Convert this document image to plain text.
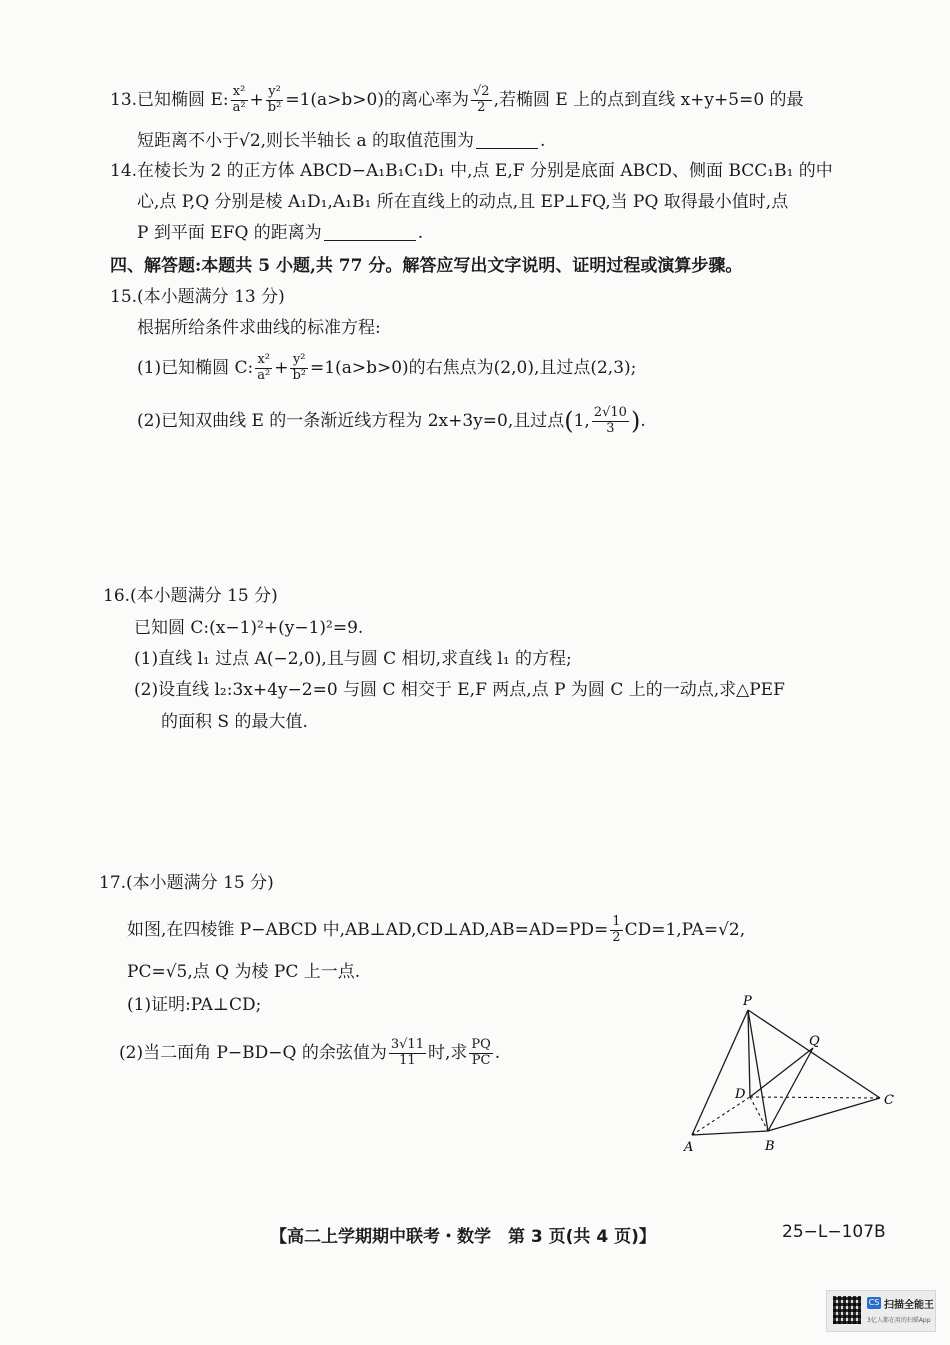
13.已知椭圆 E: $\frac{\text{x²}}{\text{a²}} + \frac{\text{y²}}{\text{b²}} =1(a>b>0)$的离心率为 $\frac{√2}{2}$ ,若椭圆 E 上的点到直线 x+y+5=0 的最
短距离不小于√2,则长半轴长 a 的取值范围为	.
14.在棱长为 2 的正方体 ABCD−A₁B₁C₁D₁ 中,点 E,F 分别是底面 ABCD、侧面 BCC₁B₁ 的中
心,点 P,Q 分别是棱 A₁D₁,A₁B₁ 所在直线上的动点,且 EP⊥FQ,当 PQ 取得最小值时,点
P 到平面 EFQ 的距离为	.
四、解答题:本题共 5 小题,共 77 分。解答应写出文字说明、证明过程或演算步骤。
15.(本小题满分 13 分)
根据所给条件求曲线的标准方程:
(1)已知椭圆 C: $\frac{\text{x²}}{\text{a²}} + \frac{\text{y²}}{\text{b²}} =1(a>b>0)$的右焦点为(2,0),且过点(2,3);
(2)已知双曲线 E 的一条渐近线方程为 2x+3y=0,且过点(1, $\frac{2√10}{3}$ ).
16.(本小题满分 15 分)
已知圆 C:(x−1)²+(y−1)²=9.
(1)直线 l₁ 过点 A(−2,0),且与圆 C 相切,求直线 l₁ 的方程;
(2)设直线 l₂:3x+4y−2=0 与圆 C 相交于 E,F 两点,点 P 为圆 C 上的一动点,求△PEF
的面积 S 的最大值.
17.(本小题满分 15 分)
如图,在四棱锥 P−ABCD 中,AB⊥AD,CD⊥AD,AB=AD=PD= $\frac{1}{2} CD=1,PA=√2$,
PC=√5,点 Q 为棱 PC 上一点.
(1)证明:PA⊥CD;
(2)当二面角 P−BD−Q 的余弦值为 $\frac{3√11}{11}$ 时,求 $\frac{PQ}{PC}$ .
P
Q
D	C
A	B
【高二上学期期中联考・数学　第 3 页(共 4 页)】	25−L−107B
CS 扫描全能王
3亿人都在用的扫描App
